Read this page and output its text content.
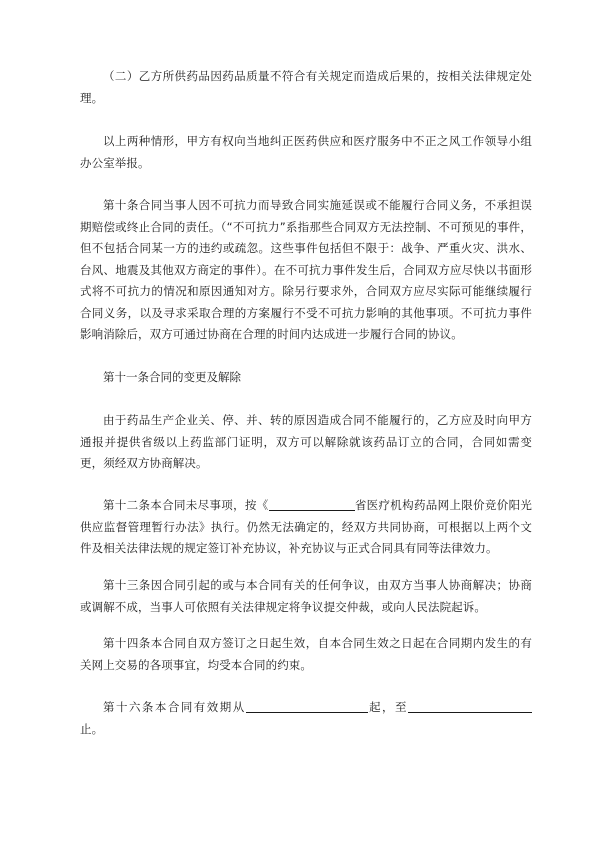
（二）乙方所供药品因药品质量不符合有关规定而造成后果的，按相关法律规定处理。

以上两种情形，甲方有权向当地纠正医药供应和医疗服务中不正之风工作领导小组办公室举报。

第十条合同当事人因不可抗力而导致合同实施延误或不能履行合同义务，不承担误期赔偿或终止合同的责任。（“不可抗力”系指那些合同双方无法控制、不可预见的事件，但不包括合同某一方的违约或疏忽。这些事件包括但不限于：战争、严重火灾、洪水、台风、地震及其他双方商定的事件）。在不可抗力事件发生后，合同双方应尽快以书面形式将不可抗力的情况和原因通知对方。除另行要求外，合同双方应尽实际可能继续履行合同义务，以及寻求采取合理的方案履行不受不可抗力影响的其他事项。不可抗力事件影响消除后，双方可通过协商在合理的时间内达成进一步履行合同的协议。

第十一条合同的变更及解除

由于药品生产企业关、停、并、转的原因造成合同不能履行的，乙方应及时向甲方通报并提供省级以上药监部门证明，双方可以解除就该药品订立的合同，合同如需变更，须经双方协商解决。

第十二条本合同未尽事项，按《	省医疗机构药品网上限价竞价阳光供应监督管理暂行办法》执行。仍然无法确定的，经双方共同协商，可根据以上两个文件及相关法律法规的规定签订补充协议，补充协议与正式合同具有同等法律效力。

第十三条因合同引起的或与本合同有关的任何争议，由双方当事人协商解决；协商或调解不成，当事人可依照有关法律规定将争议提交仲裁，或向人民法院起诉。

第十四条本合同自双方签订之日起生效，自本合同生效之日起在合同期内发生的有关网上交易的各项事宜，均受本合同的约束。

第十六条本合同有效期从	起，至止。
